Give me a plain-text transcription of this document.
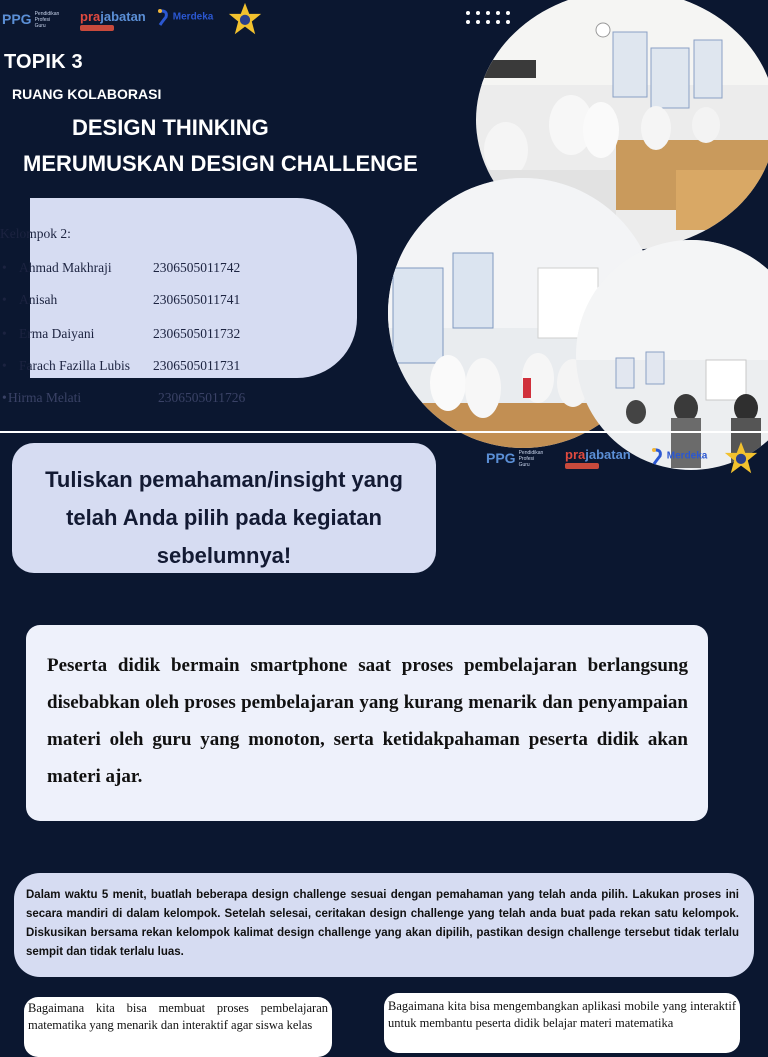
PPG Pendidikan Profesi Guru
prajabatan	Merdeka
TOPIK 3
RUANG KOLABORASI
DESIGN THINKING
MERUMUSKAN DESIGN CHALLENGE
Kelompok 2:
• Ahmad Makhraji	2306505011742
• Anisah	2306505011741
• Erma Daiyani	2306505011732
• Farach Fazilla Lubis 2306505011731
• Hirma Melati	2306505011726
Tuliskan pemahaman/insight yang
telah Anda pilih pada kegiatan
sebelumnya!
PPG Pendidikan Profesi Guru
prajabatan	Merdeka

Peserta didik bermain smartphone saat proses pembelajaran berlangsung disebabkan oleh proses pembelajaran yang kurang menarik dan penyampaian materi oleh guru yang monoton, serta ketidakpahaman peserta didik akan materi ajar.

Dalam waktu 5 menit, buatlah beberapa design challenge sesuai dengan pemahaman yang telah anda pilih. Lakukan proses ini secara mandiri di dalam kelompok. Setelah selesai, ceritakan design challenge yang telah anda buat pada rekan satu kelompok. Diskusikan bersama rekan kelompok kalimat design challenge yang akan dipilih, pastikan design challenge tersebut tidak terlalu sempit dan tidak terlalu luas.

Bagaimana kita bisa membuat proses pembelajaran matematika yang menarik dan interaktif agar siswa kelas

Bagaimana kita bisa mengembangkan aplikasi mobile yang interaktif untuk membantu peserta didik belajar materi matematika
